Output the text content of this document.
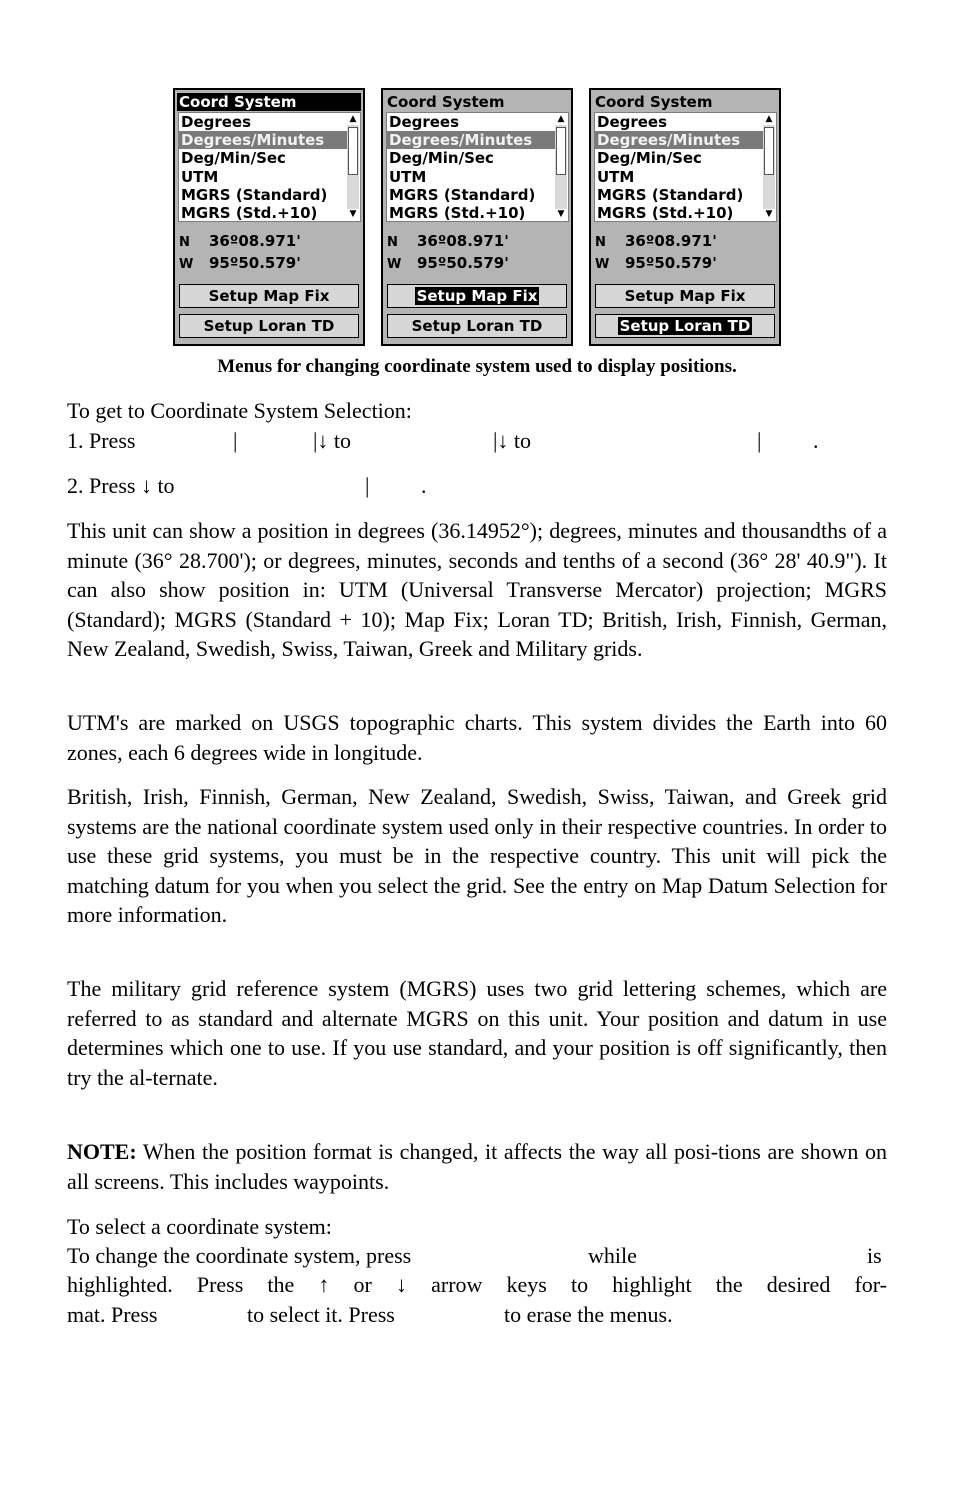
Coord System
Degrees
Degrees/Minutes
Deg/Min/Sec
UTM
MGRS (Standard)
MGRS (Std.+10)
▲
▼
N 36º08.971'
W 95º50.579'
Setup Map Fix
Setup Loran TD
Coord System
Degrees
Degrees/Minutes
Deg/Min/Sec
UTM
MGRS (Standard)
MGRS (Std.+10)
▲
▼
N 36º08.971'
W 95º50.579'
Setup Map Fix
Setup Loran TD
Coord System
Degrees
Degrees/Minutes
Deg/Min/Sec
UTM
MGRS (Standard)
MGRS (Std.+10)
▲
▼
N 36º08.971'
W 95º50.579'
Setup Map Fix
Setup Loran TD
Menus for changing coordinate system used to display positions.
To get to Coordinate System Selection:
1. Press	|	|↓ to	|↓ to	| .
2. Press ↓ to	| .
This unit can show a position in degrees (36.14952°); degrees, minutes and thousandths of a minute (36° 28.700'); or degrees, minutes, seconds and tenths of a second (36° 28' 40.9"). It can also show position in: UTM (Universal Transverse Mercator) projection; MGRS (Standard); MGRS (Standard + 10); Map Fix; Loran TD; British, Irish, Finnish, German, New Zealand, Swedish, Swiss, Taiwan, Greek and Military grids.
UTM's are marked on USGS topographic charts. This system divides the Earth into 60 zones, each 6 degrees wide in longitude.
British, Irish, Finnish, German, New Zealand, Swedish, Swiss, Taiwan, and Greek grid systems are the national coordinate system used only in their respective countries. In order to use these grid systems, you must be in the respective country. This unit will pick the matching datum for you when you select the grid. See the entry on Map Datum Selection for more information.
The military grid reference system (MGRS) uses two grid lettering schemes, which are referred to as standard and alternate MGRS on this unit. Your position and datum in use determines which one to use. If you use standard, and your position is off significantly, then try the al-ternate.
NOTE: When the position format is changed, it affects the way all posi-tions are shown on all screens. This includes waypoints.
To select a coordinate system:
To change the coordinate system, press	while	is
highlighted. Press the ↑ or ↓ arrow keys to highlight the desired for-
mat. Press	to select it. Press	to erase the menus.
